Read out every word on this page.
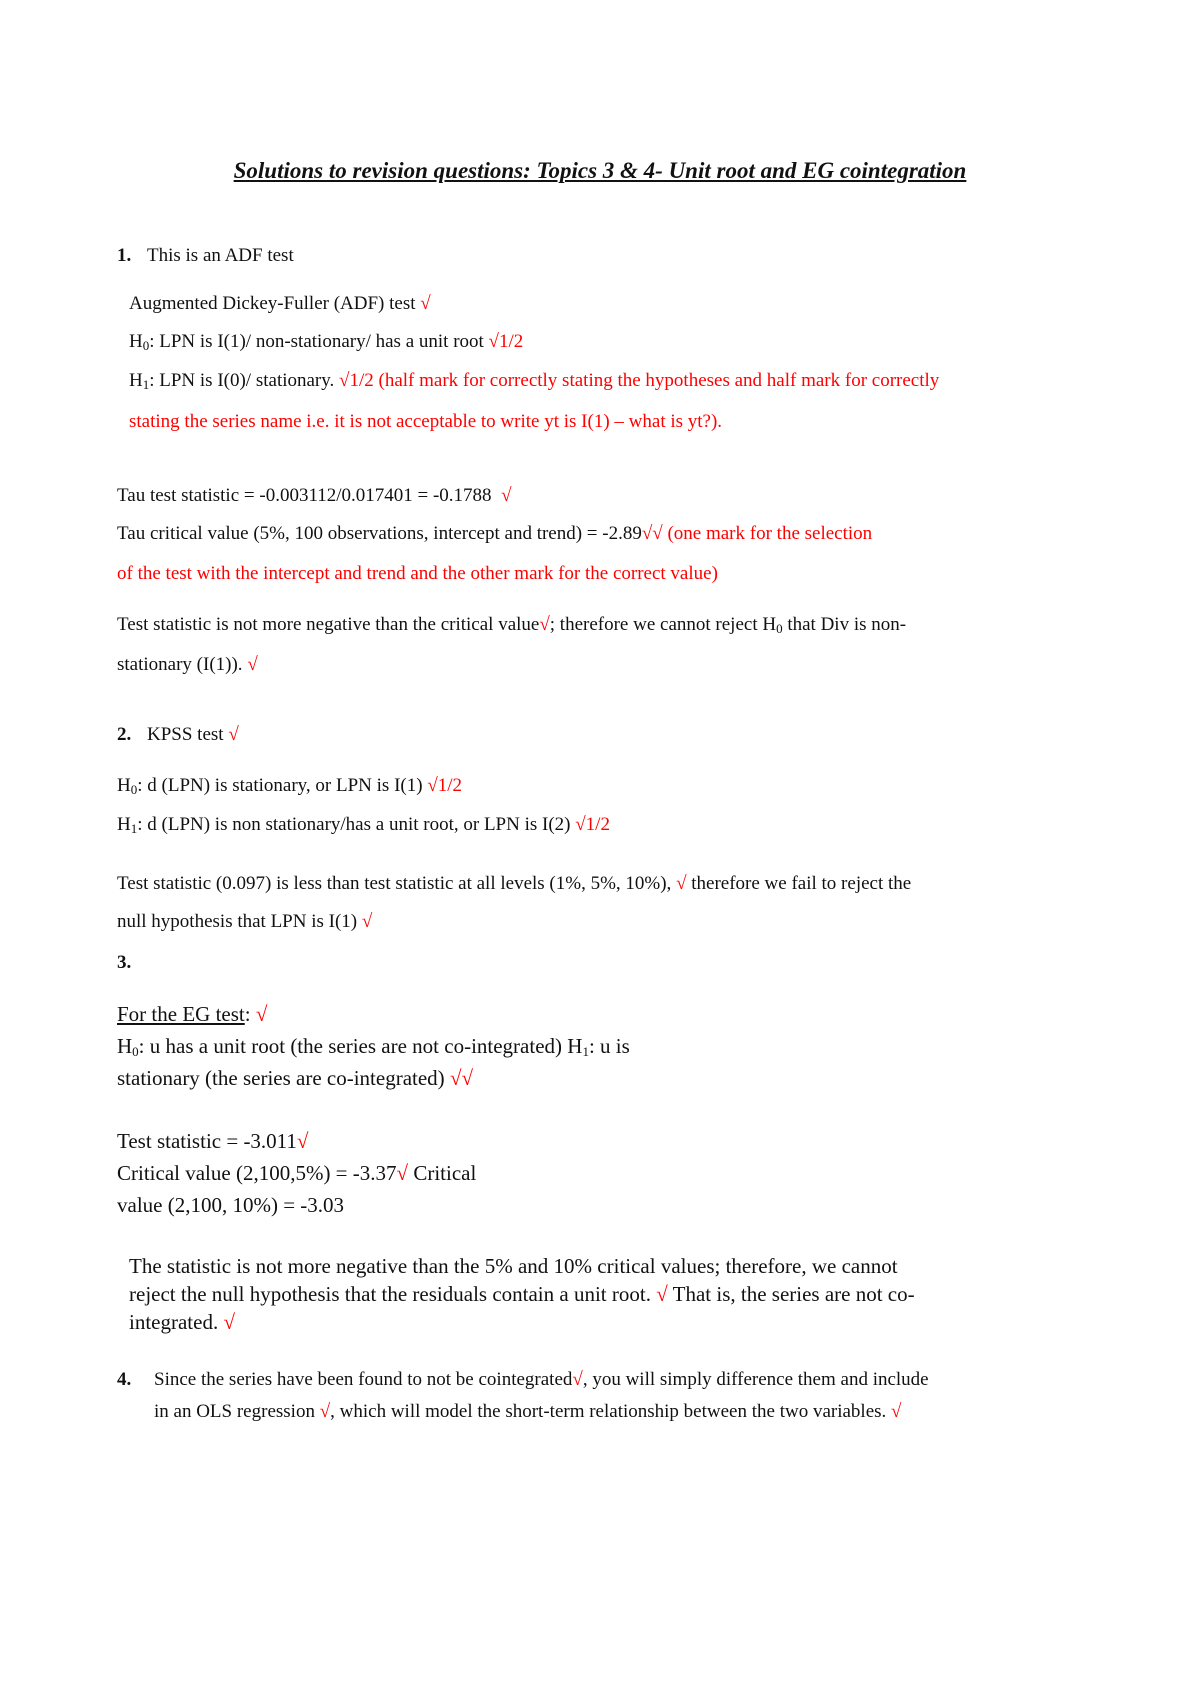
Solutions to revision questions: Topics 3 & 4- Unit root and EG cointegration
1. This is an ADF test
Augmented Dickey-Fuller (ADF) test √
$H_0$: LPN is I(1)/ non-stationary/ has a unit root √1/2
$H_1$: LPN is I(0)/ stationary. √1/2 (half mark for correctly stating the hypotheses and half mark for correctly
stating the series name i.e. it is not acceptable to write yt is I(1) – what is yt?).
Tau test statistic = -0.003112/0.017401 = -0.1788 √
Tau critical value (5%, 100 observations, intercept and trend) = -2.89√√ (one mark for the selection
of the test with the intercept and trend and the other mark for the correct value)
Test statistic is not more negative than the critical value√; therefore we cannot reject $H_0$ that Div is non-
stationary (I(1)). √
2. KPSS test √
$H_0$: d (LPN) is stationary, or LPN is I(1) √1/2
$H_1$: d (LPN) is non stationary/has a unit root, or LPN is I(2) √1/2
Test statistic (0.097) is less than test statistic at all levels (1%, 5%, 10%), √ therefore we fail to reject the
null hypothesis that LPN is I(1) √
3.
For the EG test: √
$H_0$: u has a unit root (the series are not co-integrated) $H_1$: u is
stationary (the series are co-integrated) √√
Test statistic = -3.011√
Critical value (2,100,5%) = -3.37√ Critical
value (2,100, 10%) = -3.03
The statistic is not more negative than the 5% and 10% critical values; therefore, we cannot
reject the null hypothesis that the residuals contain a unit root. √ That is, the series are not co-
integrated. √
4. Since the series have been found to not be cointegrated√, you will simply difference them and include
in an OLS regression √, which will model the short-term relationship between the two variables. √
